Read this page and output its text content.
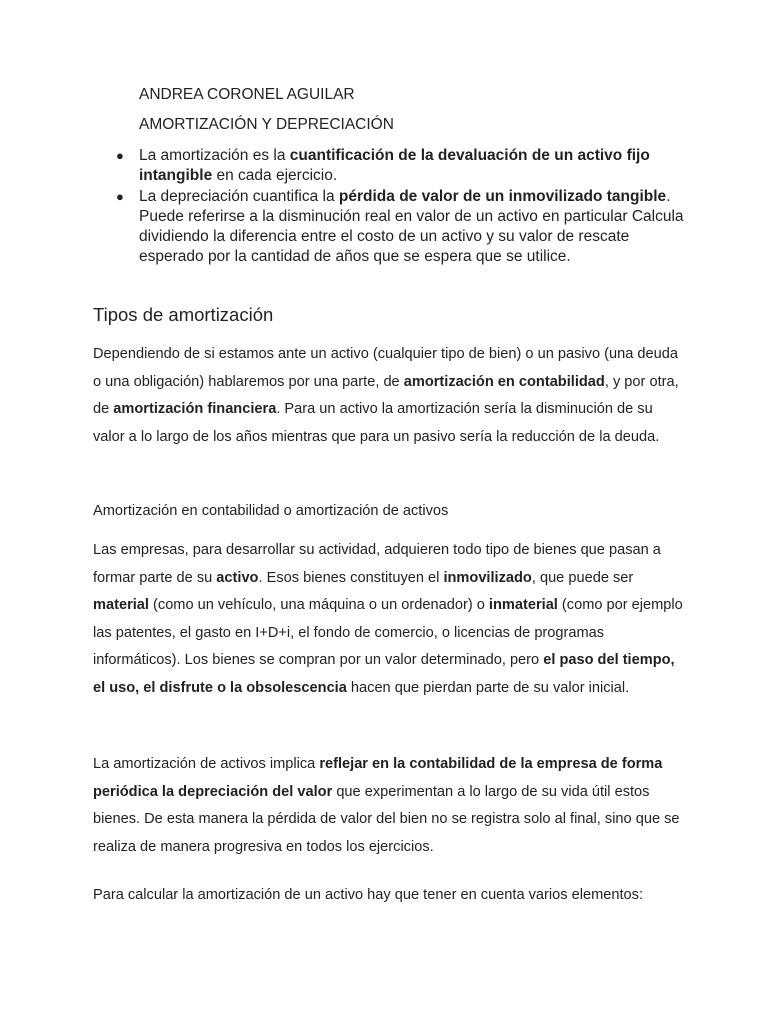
ANDREA CORONEL AGUILAR
AMORTIZACIÓN Y DEPRECIACIÓN
● La amortización es la cuantificación de la devaluación de un activo fijo intangible en cada ejercicio.
● La depreciación cuantifica la pérdida de valor de un inmovilizado tangible. Puede referirse a la disminución real en valor de un activo en particular Calcula dividiendo la diferencia entre el costo de un activo y su valor de rescate esperado por la cantidad de años que se espera que se utilice.
Tipos de amortización

Dependiendo de si estamos ante un activo (cualquier tipo de bien) o un pasivo (una deuda o una obligación) hablaremos por una parte, de amortización en contabilidad, y por otra, de amortización financiera. Para un activo la amortización sería la disminución de su valor a lo largo de los años mientras que para un pasivo sería la reducción de la deuda.

Amortización en contabilidad o amortización de activos

Las empresas, para desarrollar su actividad, adquieren todo tipo de bienes que pasan a formar parte de su activo. Esos bienes constituyen el inmovilizado, que puede ser material (como un vehículo, una máquina o un ordenador) o inmaterial (como por ejemplo las patentes, el gasto en I+D+i, el fondo de comercio, o licencias de programas informáticos). Los bienes se compran por un valor determinado, pero el paso del tiempo, el uso, el disfrute o la obsolescencia hacen que pierdan parte de su valor inicial.

La amortización de activos implica reflejar en la contabilidad de la empresa de forma periódica la depreciación del valor que experimentan a lo largo de su vida útil estos bienes. De esta manera la pérdida de valor del bien no se registra solo al final, sino que se realiza de manera progresiva en todos los ejercicios.

Para calcular la amortización de un activo hay que tener en cuenta varios elementos:
